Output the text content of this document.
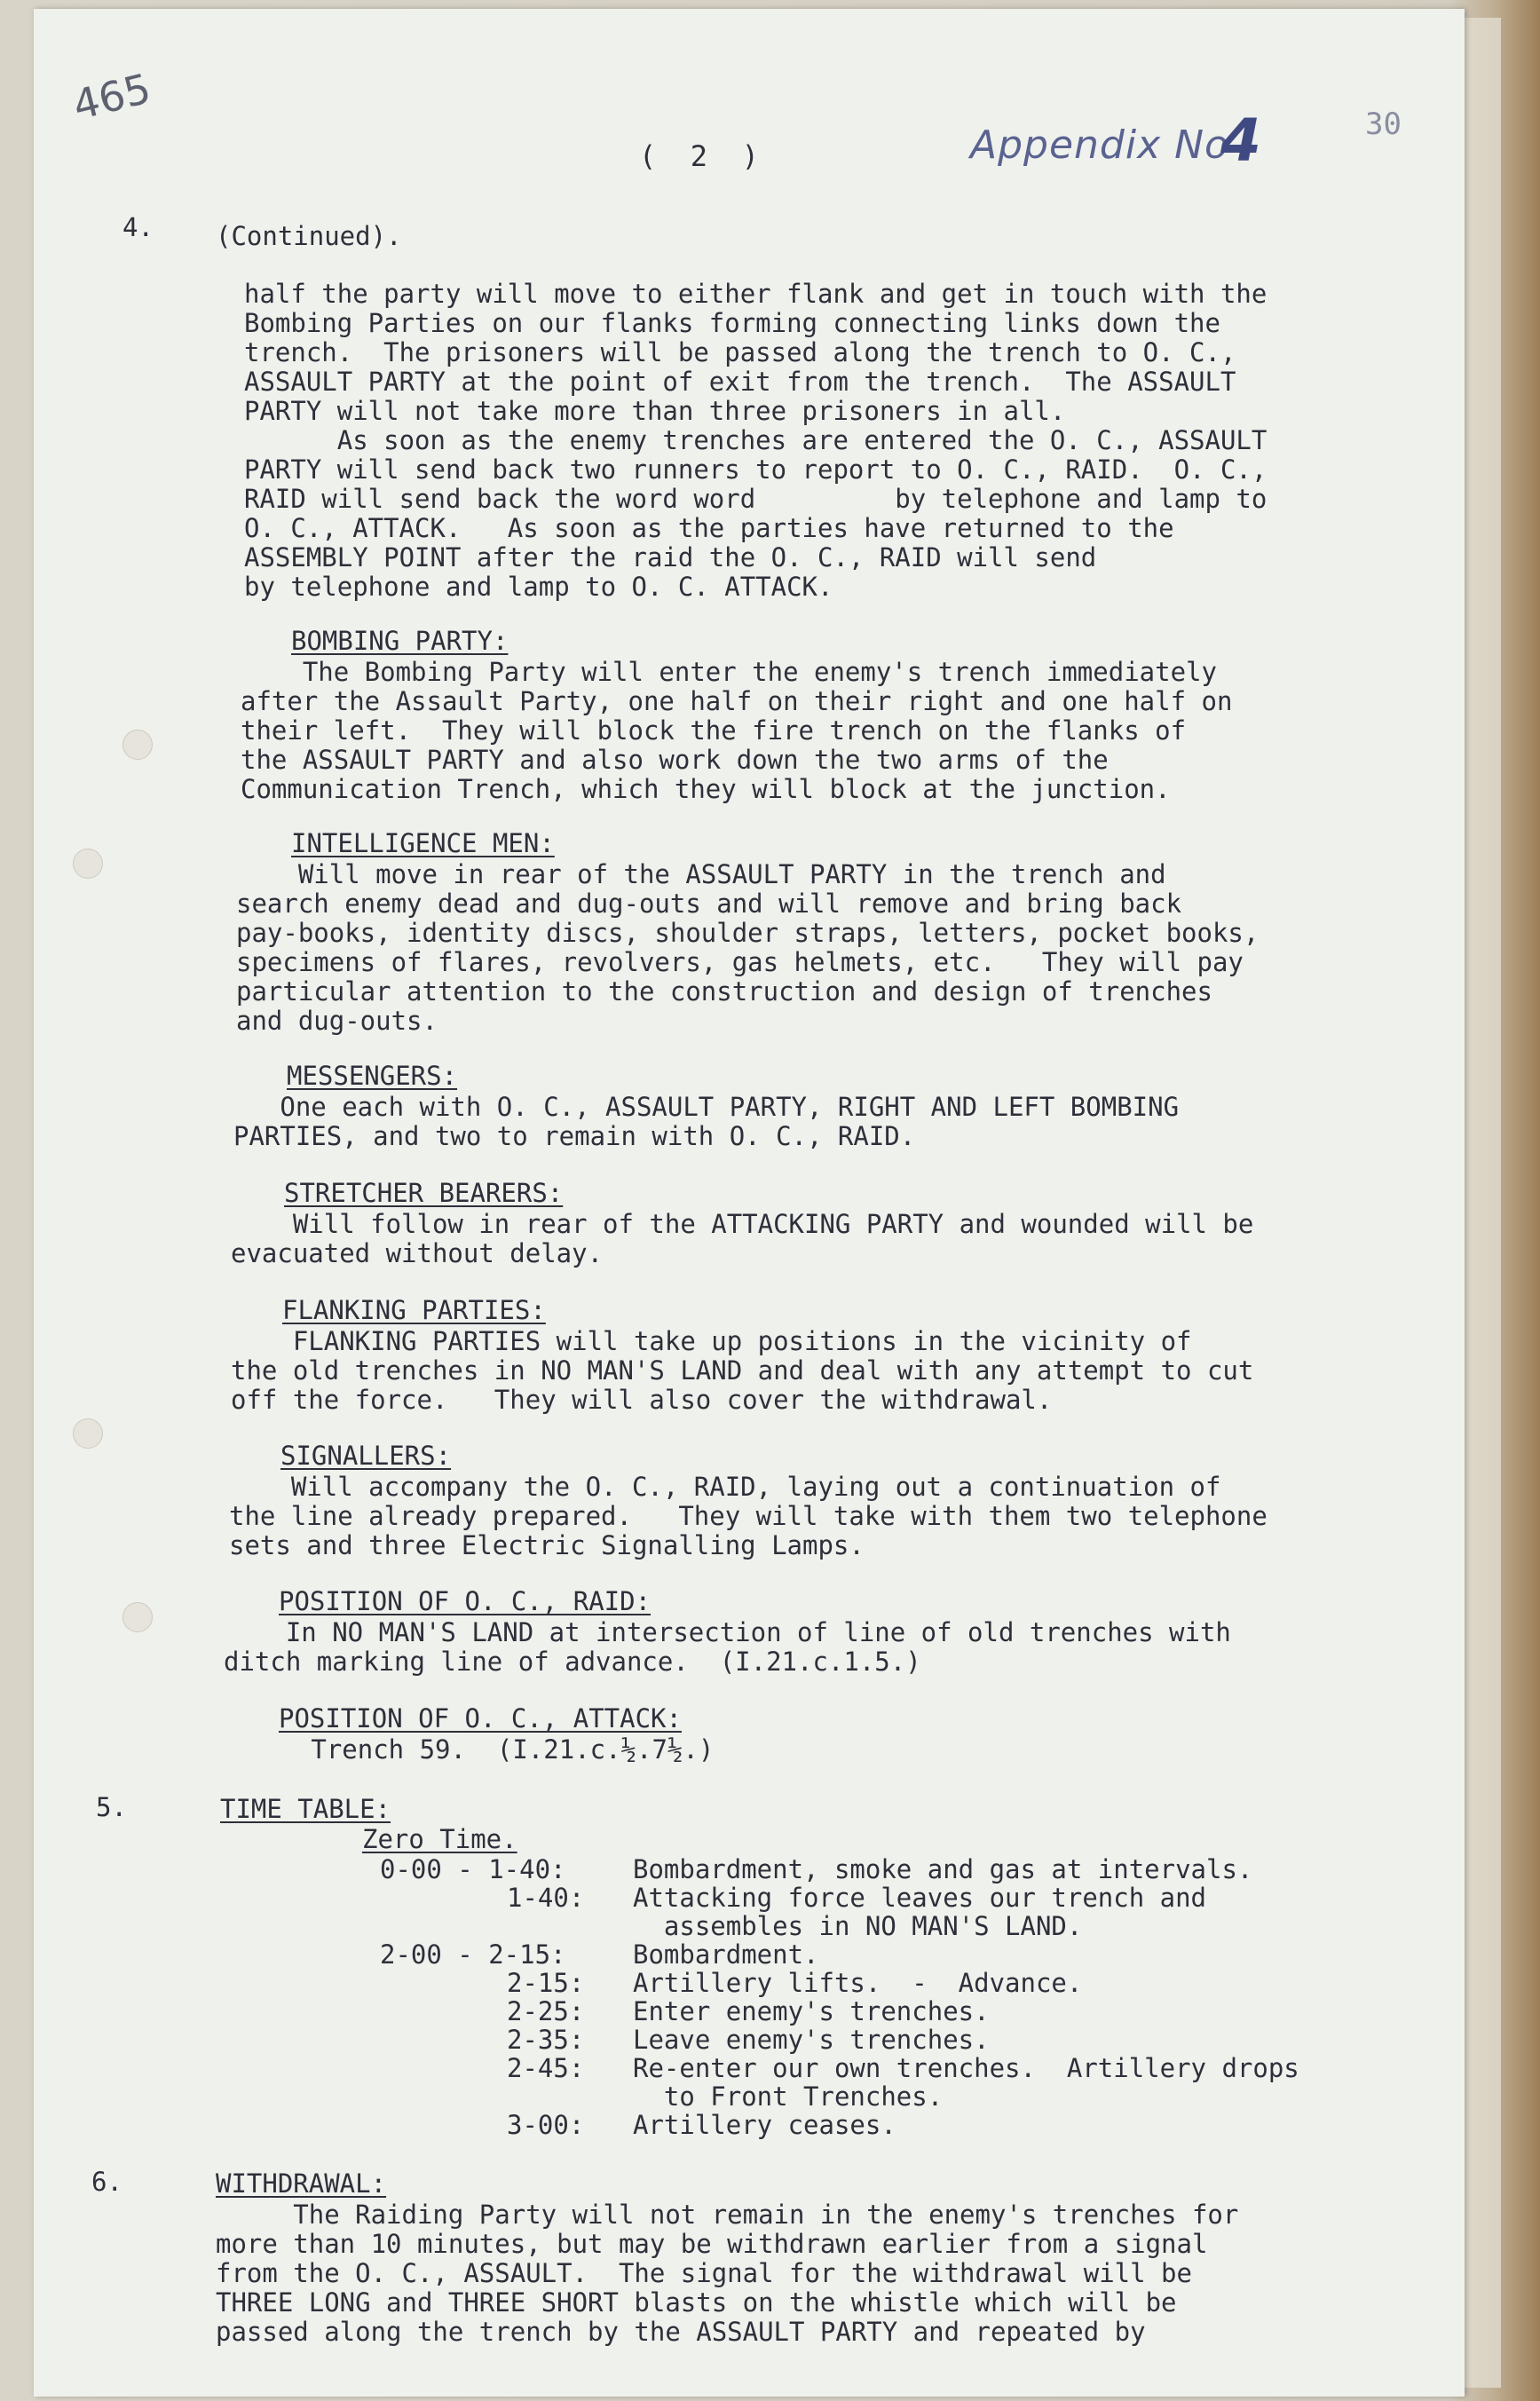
465
(  2  )	Appendix No
4	30
4. (Continued).
half the party will move to either flank and get in touch with the
Bombing Parties on our flanks forming connecting links down the
trench.  The prisoners will be passed along the trench to O. C.,
ASSAULT PARTY at the point of exit from the trench.  The ASSAULT
PARTY will not take more than three prisoners in all.
As soon as the enemy trenches are entered the O. C., ASSAULT
PARTY will send back two runners to report to O. C., RAID.  O. C.,
RAID will send back the word word         by telephone and lamp to
O. C., ATTACK.   As soon as the parties have returned to the
ASSEMBLY POINT after the raid the O. C., RAID will send
by telephone and lamp to O. C. ATTACK.
BOMBING PARTY:
The Bombing Party will enter the enemy's trench immediately
after the Assault Party, one half on their right and one half on
their left.  They will block the fire trench on the flanks of
the ASSAULT PARTY and also work down the two arms of the
Communication Trench, which they will block at the junction.
INTELLIGENCE MEN:
Will move in rear of the ASSAULT PARTY in the trench and
search enemy dead and dug-outs and will remove and bring back
pay-books, identity discs, shoulder straps, letters, pocket books,
specimens of flares, revolvers, gas helmets, etc.   They will pay
particular attention to the construction and design of trenches
and dug-outs.
MESSENGERS:
One each with O. C., ASSAULT PARTY, RIGHT AND LEFT BOMBING
PARTIES, and two to remain with O. C., RAID.
STRETCHER BEARERS:
Will follow in rear of the ATTACKING PARTY and wounded will be
evacuated without delay.
FLANKING PARTIES:
FLANKING PARTIES will take up positions in the vicinity of
the old trenches in NO MAN'S LAND and deal with any attempt to cut
off the force.   They will also cover the withdrawal.
SIGNALLERS:
Will accompany the O. C., RAID, laying out a continuation of
the line already prepared.   They will take with them two telephone
sets and three Electric Signalling Lamps.
POSITION OF O. C., RAID:
In NO MAN'S LAND at intersection of line of old trenches with
ditch marking line of advance.  (I.21.c.1.5.)
POSITION OF O. C., ATTACK:
Trench 59.  (I.21.c.½.7½.)
5.	TIME TABLE:
Zero Time.
0-00 - 1-40:	Bombardment, smoke and gas at intervals.
1-40: Attacking force leaves our trench and
assembles in NO MAN'S LAND.
2-00 - 2-15:	Bombardment.
2-15: Artillery lifts.  -  Advance.
2-25: Enter enemy's trenches.
2-35: Leave enemy's trenches.
2-45: Re-enter our own trenches.  Artillery drops
to Front Trenches.
3-00: Artillery ceases.
6.	WITHDRAWAL:
The Raiding Party will not remain in the enemy's trenches for
more than 10 minutes, but may be withdrawn earlier from a signal
from the O. C., ASSAULT.  The signal for the withdrawal will be
THREE LONG and THREE SHORT blasts on the whistle which will be
passed along the trench by the ASSAULT PARTY and repeated by
